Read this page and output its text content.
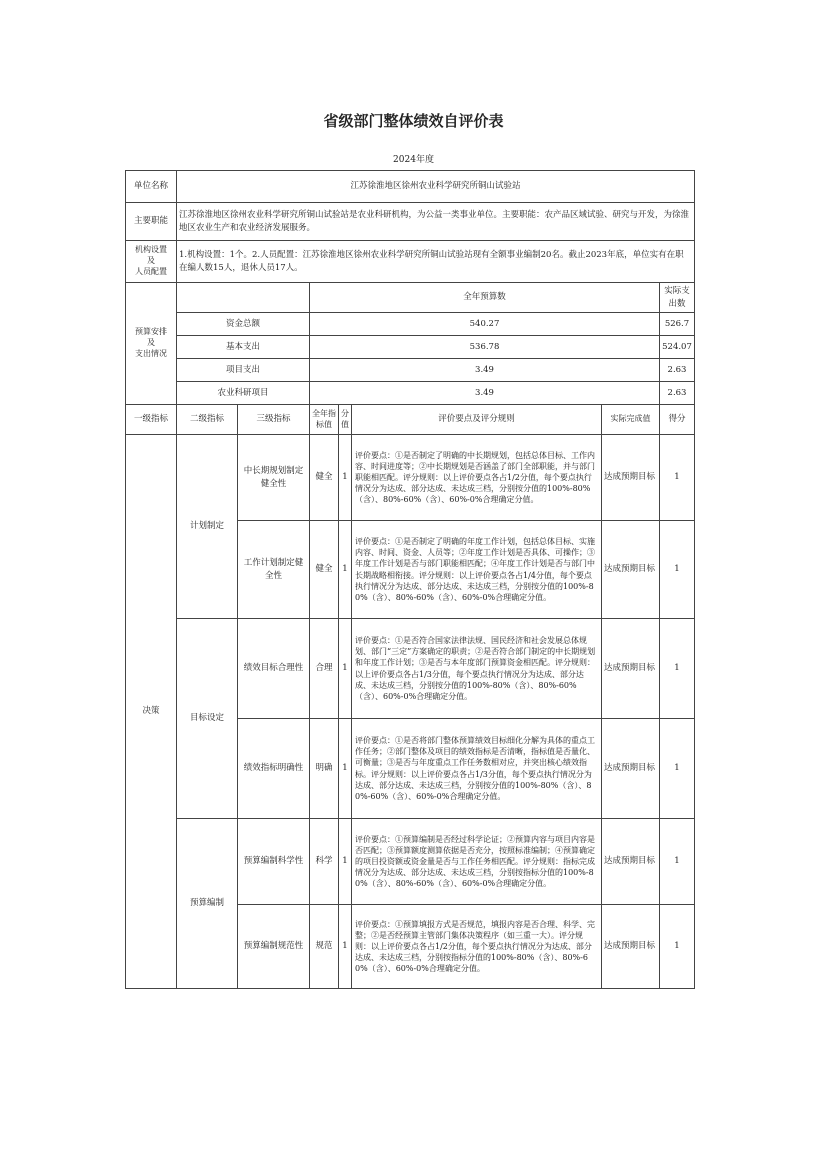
省级部门整体绩效自评价表
2024年度
单位名称	江苏徐淮地区徐州农业科学研究所铜山试验站						
主要职能	江苏徐淮地区徐州农业科学研究所铜山试验站是农业科研机构，为公益一类事业单位。主要职能：农产品区域试验、研究与开发，为徐淮地区农业生产和农业经济发展服务。						

机构设置
及
人员配置	1.机构设置：1个。2.人员配置：江苏徐淮地区徐州农业科学研究所铜山试验站现有全额事业编制20名。截止2023年底，单位实有在职在编人数15人，退休人员17人。						

预算安排
及
支出情况			全年预算数				实际支出数
	资金总额		540.27				526.7
	基本支出		536.78				524.07
	项目支出		3.49				2.63
	农业科研项目		3.49				2.63
一级指标	二级指标	三级指标	全年指标值	分值	评价要点及评分规则	实际完成值	得分
决策	计划制定	中长期规划制定健全性	健全	1	评价要点：①是否制定了明确的中长期规划，包括总体目标、工作内容、时间进度等；②中长期规划是否涵盖了部门全部职能，并与部门职能相匹配。评分规则：以上评价要点各占1/2分值，每个要点执行情况分为达成、部分达成、未达成三档，分别按分值的100%-80%（含）、80%-60%（含）、60%-0%合理确定分值。	达成预期目标	1
		工作计划制定健全性	健全	1	评价要点：①是否制定了明确的年度工作计划，包括总体目标、实施内容、时间、资金、人员等；②年度工作计划是否具体、可操作；③年度工作计划是否与部门职能相匹配；④年度工作计划是否与部门中长期战略相衔接。评分规则：以上评价要点各占1/4分值，每个要点执行情况分为达成、部分达成、未达成三档，分别按分值的100%-80%（含）、80%-60%（含）、60%-0%合理确定分值。	达成预期目标	1
	目标设定	绩效目标合理性	合理	1	评价要点：①是否符合国家法律法规、国民经济和社会发展总体规划、部门“三定”方案确定的职责；②是否符合部门制定的中长期规划和年度工作计划；③是否与本年度部门预算资金相匹配。评分规则：以上评价要点各占1/3分值，每个要点执行情况分为达成、部分达成、未达成三档，分别按分值的100%-80%（含）、80%-60%（含）、60%-0%合理确定分值。	达成预期目标	1
		绩效指标明确性	明确	1	评价要点：①是否将部门整体预算绩效目标细化分解为具体的重点工作任务；②部门整体及项目的绩效指标是否清晰，指标值是否量化、可衡量；③是否与年度重点工作任务数相对应，并突出核心绩效指标。评分规则：以上评价要点各占1/3分值，每个要点执行情况分为达成、部分达成、未达成三档，分别按分值的100%-80%（含）、80%-60%（含）、60%-0%合理确定分值。	达成预期目标	1
	预算编制	预算编制科学性	科学	1	评价要点：①预算编制是否经过科学论证；②预算内容与项目内容是否匹配；③预算额度测算依据是否充分，按照标准编制；④预算确定的项目投资额或资金量是否与工作任务相匹配。评分规则：指标完成情况分为达成、部分达成、未达成三档，分别按指标分值的100%-80%（含）、80%-60%（含）、60%-0%合理确定分值。	达成预期目标	1
		预算编制规范性	规范	1	评价要点：①预算填报方式是否规范，填报内容是否合理、科学、完整；②是否经预算主管部门集体决策程序（如三重一大）。评分规则：以上评价要点各占1/2分值，每个要点执行情况分为达成、部分达成、未达成三档，分别按指标分值的100%-80%（含）、80%-60%（含）、60%-0%合理确定分值。	达成预期目标	1
